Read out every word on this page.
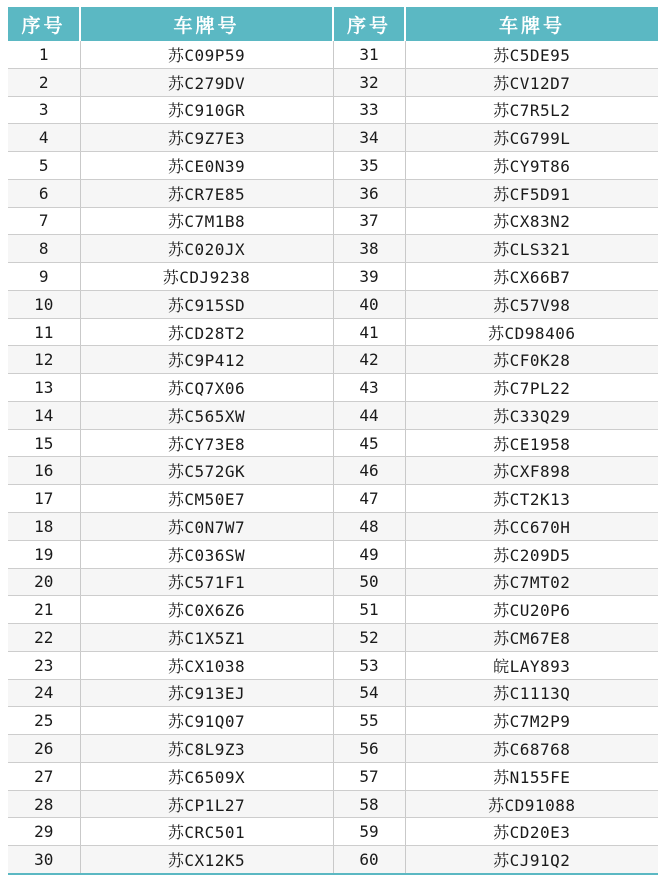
序号	车牌号	序号	车牌号
1	苏C09P59	31	苏C5DE95
2	苏C279DV	32	苏CV12D7
3	苏C910GR	33	苏C7R5L2
4	苏C9Z7E3	34	苏CG799L
5	苏CE0N39	35	苏CY9T86
6	苏CR7E85	36	苏CF5D91
7	苏C7M1B8	37	苏CX83N2
8	苏C020JX	38	苏CLS321
9	苏CDJ9238	39	苏CX66B7
10	苏C915SD	40	苏C57V98
11	苏CD28T2	41	苏CD98406
12	苏C9P412	42	苏CF0K28
13	苏CQ7X06	43	苏C7PL22
14	苏C565XW	44	苏C33Q29
15	苏CY73E8	45	苏CE1958
16	苏C572GK	46	苏CXF898
17	苏CM50E7	47	苏CT2K13
18	苏C0N7W7	48	苏CC670H
19	苏C036SW	49	苏C209D5
20	苏C571F1	50	苏C7MT02
21	苏C0X6Z6	51	苏CU20P6
22	苏C1X5Z1	52	苏CM67E8
23	苏CX1038	53	皖LAY893
24	苏C913EJ	54	苏C1113Q
25	苏C91Q07	55	苏C7M2P9
26	苏C8L9Z3	56	苏C68768
27	苏C6509X	57	苏N155FE
28	苏CP1L27	58	苏CD91088
29	苏CRC501	59	苏CD20E3
30	苏CX12K5	60	苏CJ91Q2
